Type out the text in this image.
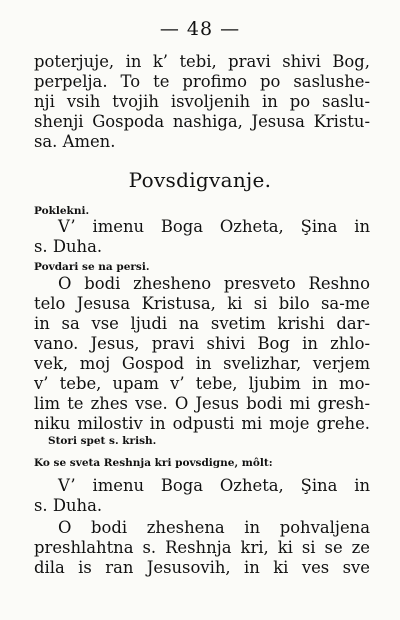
— 48 —
poterjuje, in k’ tebi, pravi shivi Bog,
perpelja. To te profimo po saslushe-
nji vsih tvojih isvoljenih in po saslu-
shenji Gospoda nashiga, Jesusa Kristu-
sa. Amen.
Povsdigvanje.
Poklekni.
V’ imenu Boga Ozheta, Şina in
s. Duha.
Povdari se na persi.
O bodi zhesheno presveto Reshno
telo Jesusa Kristusa, ki si bilo sa-me
in sa vse ljudi na svetim krishi dar-
vano. Jesus, pravi shivi Bog in zhlo-
vek, moj Gospod in svelizhar, verjem
v’ tebe, upam v’ tebe, ljubim in mo-
lim te zhes vse. O Jesus bodi mi gresh-
niku milostiv in odpusti mi moje grehe.
Stori spet s. krish.
Ko se sveta Reshnja kri povsdigne, môlt:
V’ imenu Boga Ozheta, Şina in
s. Duha.
O bodi zheshena in pohvaljena
preshlahtna s. Reshnja kri, ki si se ze
dila is ran Jesusovih, in ki ves sve
